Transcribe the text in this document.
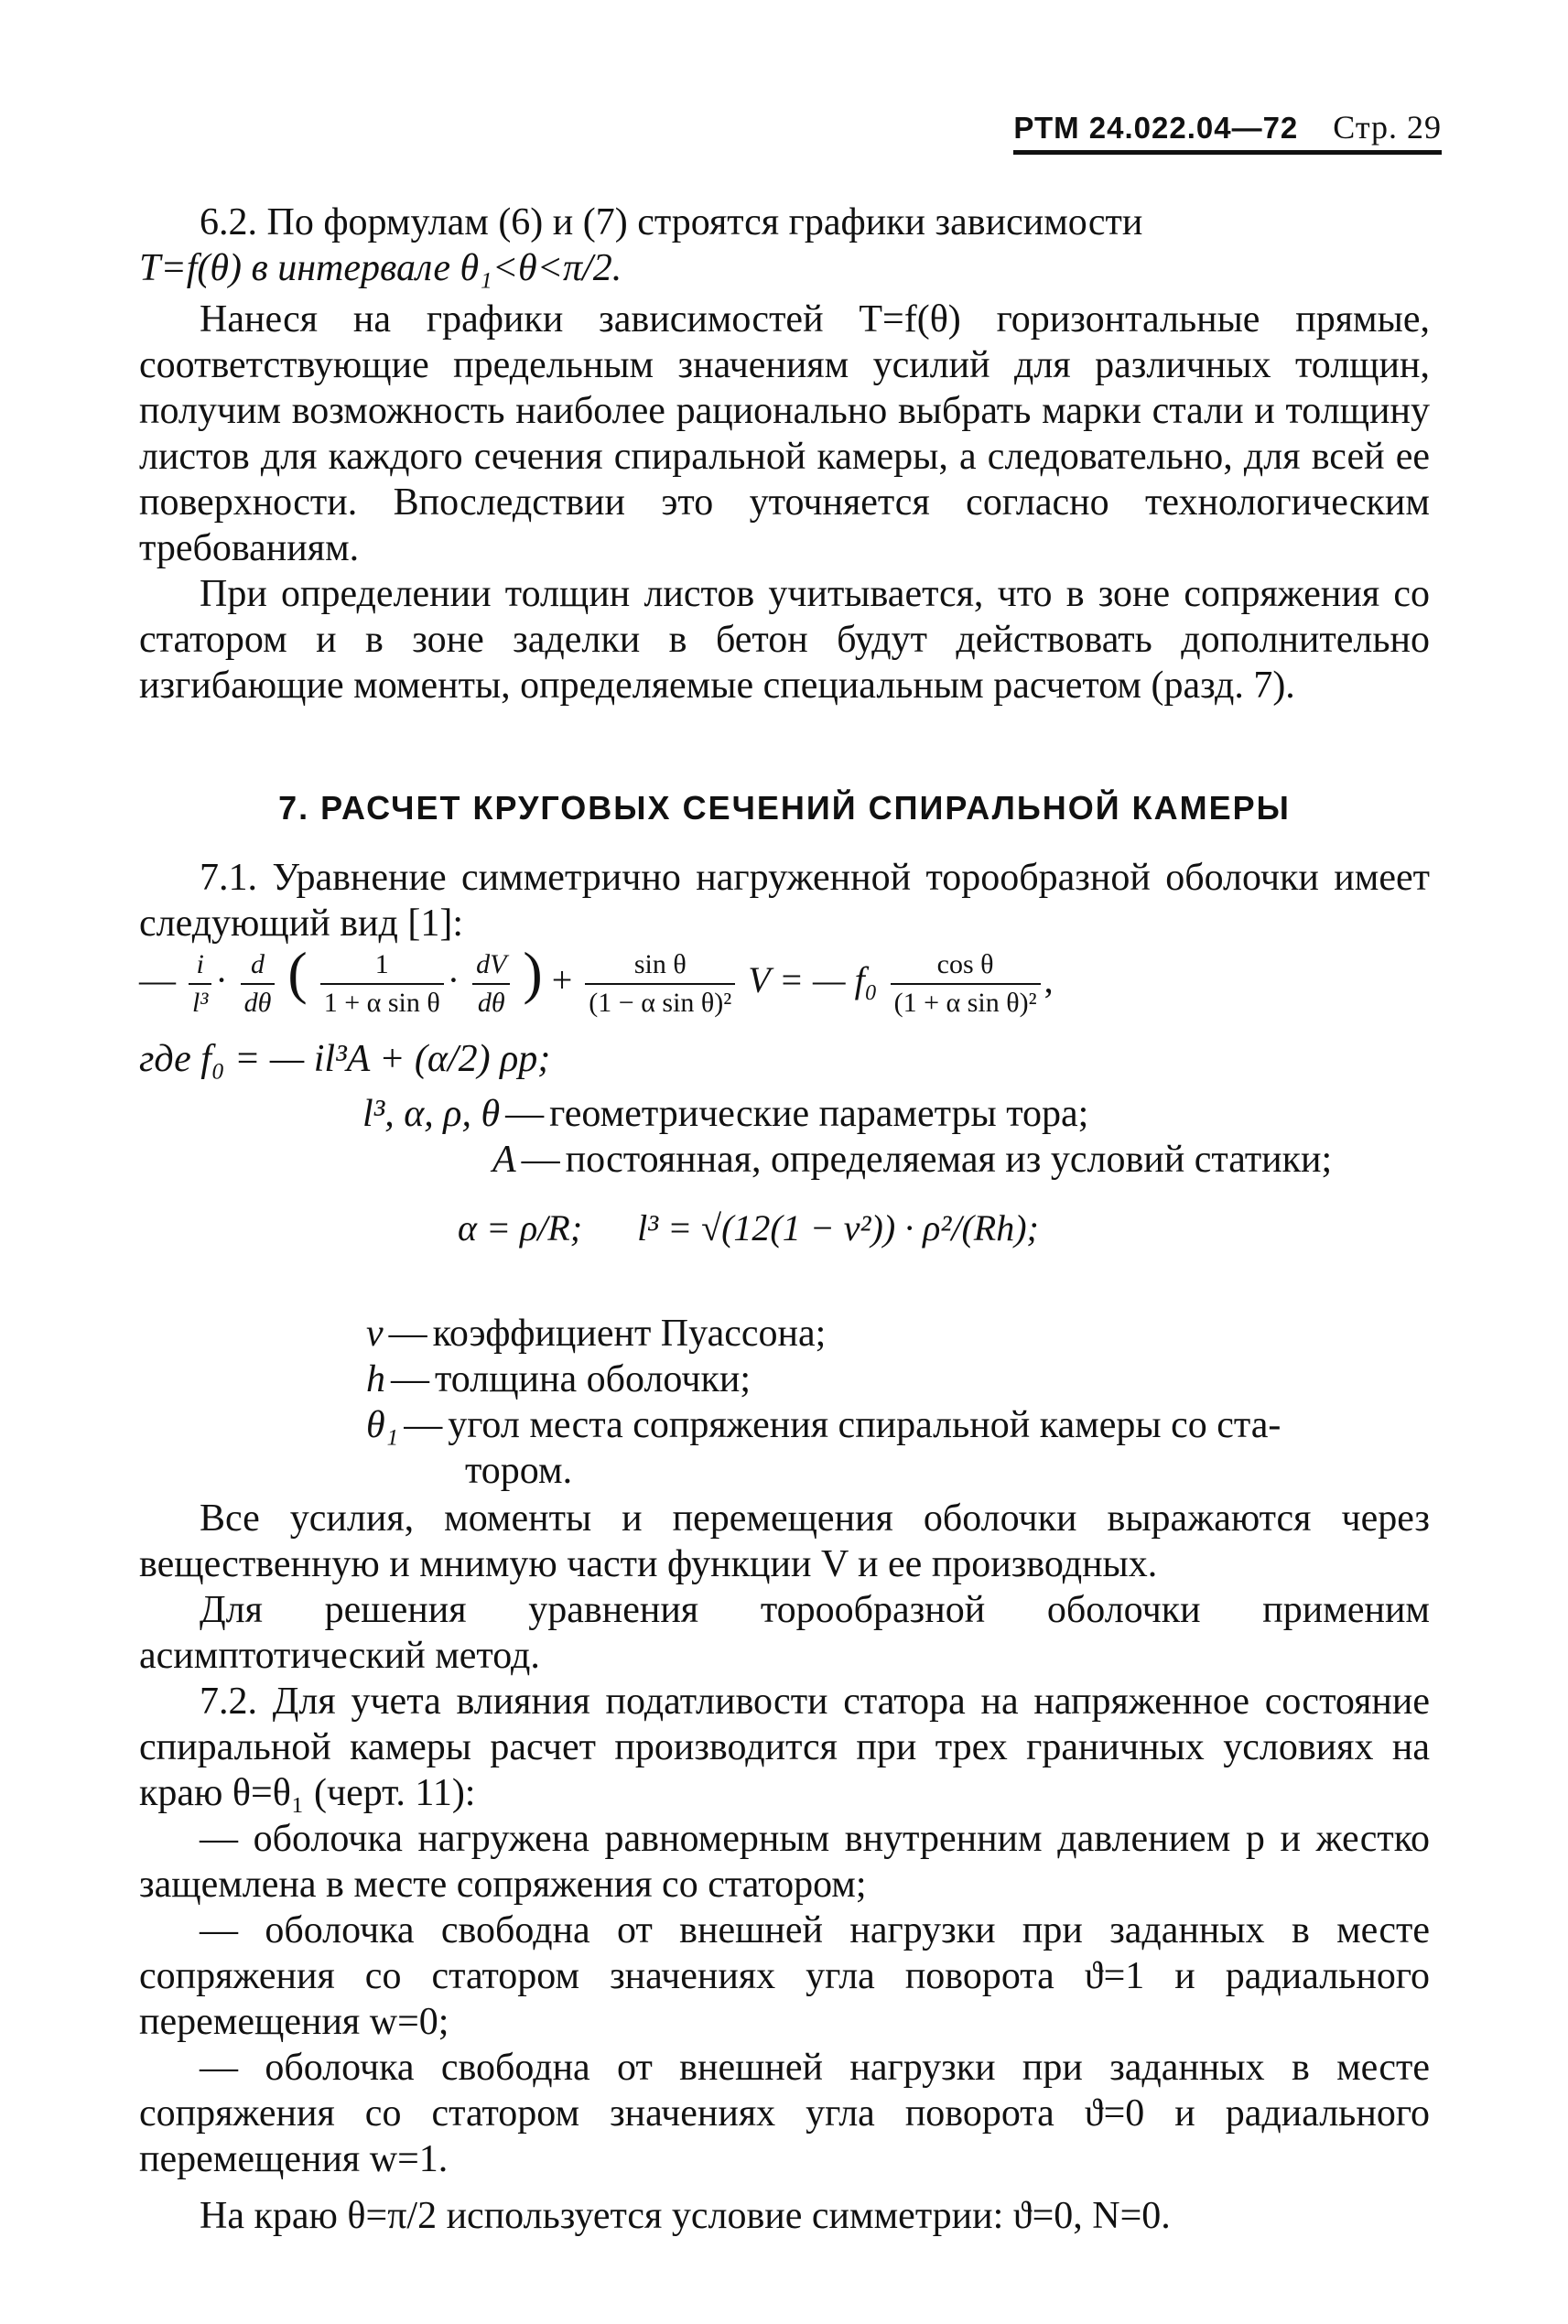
РТМ 24.022.04—72 Стр. 29

6.2. По формулам (6) и (7) строятся графики зависимости

T=f(θ) в интервале θ₁<θ<π/2.

Нанеся на графики зависимостей T=f(θ) горизонтальные прямые, соответствующие предельным значениям усилий для различных толщин, получим возможность наиболее рационально выбрать марки стали и толщину листов для каждого сечения спиральной камеры, а следовательно, для всей ее поверхности. Впоследствии это уточняется согласно технологическим требованиям.

При определении толщин листов учитывается, что в зоне сопряжения со статором и в зоне заделки в бетон будут действовать дополнительно изгибающие моменты, определяемые специальным расчетом (разд. 7).

7. РАСЧЕТ КРУГОВЫХ СЕЧЕНИЙ СПИРАЛЬНОЙ КАМЕРЫ

7.1. Уравнение симметрично нагруженной торообразной оболочки имеет следующий вид [1]:

— $\frac{i}{\text{l³}} \cdot \frac{d}{d\theta}$ ( $\frac{1}{\text{1 + α sin θ}} \cdot \frac{dV}{d\theta}$ ) + $\frac{\text{sin θ}}{\text{(1 − α sin θ)²}}$ V = — $f_0 \frac{\text{cos θ}}{\text{(1 + α sin θ)²}}$ ,
где f₀ = — il³A + (α/2) ρp;
l³, α, ρ, θ — геометрические параметры тора;
A — постоянная, определяемая из условий статики;
α = ρ/R; l³ = √(12(1 − ν²)) · ρ²/(Rh);
ν — коэффициент Пуассона;
h — толщина оболочки;
θ₁ — угол места сопряжения спиральной камеры со ста-
тором.

Все усилия, моменты и перемещения оболочки выражаются через вещественную и мнимую части функции V и ее производных.

Для решения уравнения торообразной оболочки применим асимптотический метод.

7.2. Для учета влияния податливости статора на напряженное состояние спиральной камеры расчет производится при трех граничных условиях на краю θ=θ₁ (черт. 11):

— оболочка нагружена равномерным внутренним давлением p и жестко защемлена в месте сопряжения со статором;

— оболочка свободна от внешней нагрузки при заданных в месте сопряжения со статором значениях угла поворота ϑ=1 и радиального перемещения w=0;

— оболочка свободна от внешней нагрузки при заданных в месте сопряжения со статором значениях угла поворота ϑ=0 и радиального перемещения w=1.

На краю θ=π/2 используется условие симметрии: ϑ=0, N=0.
